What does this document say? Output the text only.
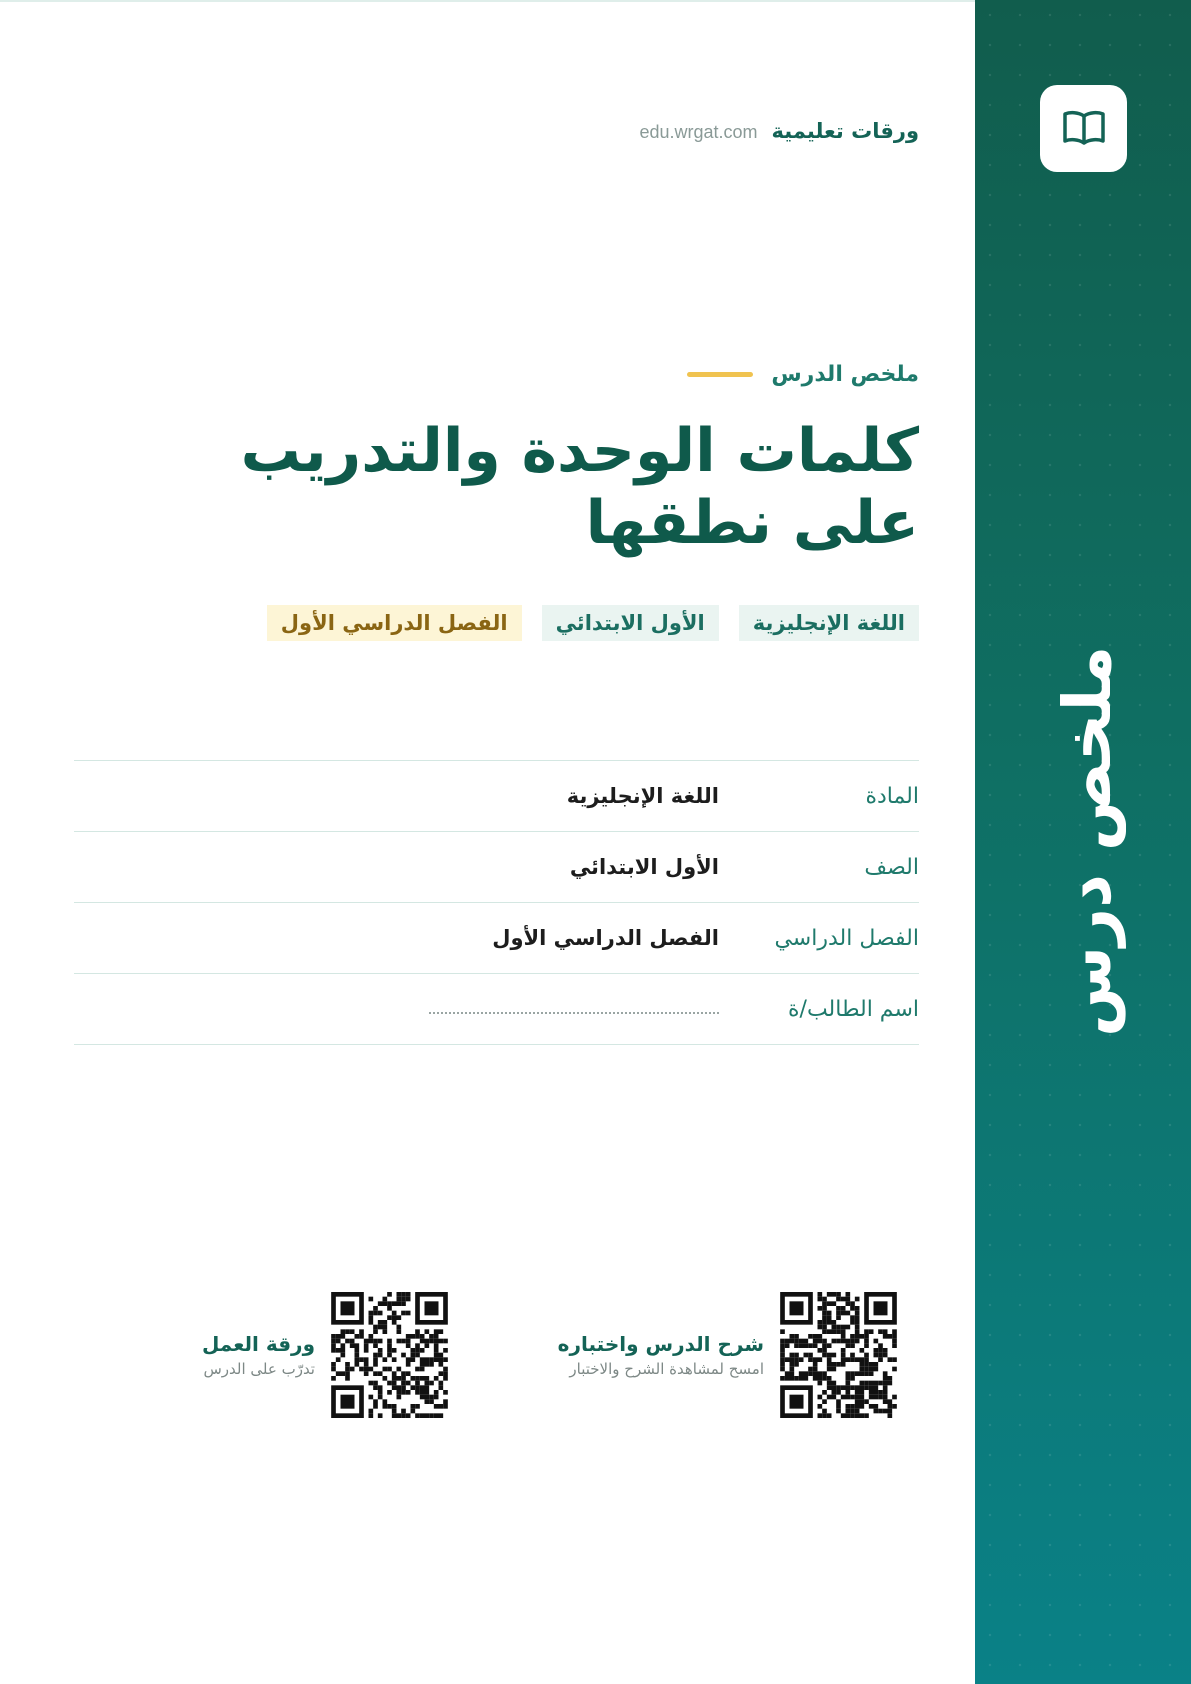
ملخص درس
ورقات تعليمية
edu.wrgat.com
ملخص الدرس
كلمات الوحدة والتدريب على نطقها
اللغة الإنجليزية
الأول الابتدائي
الفصل الدراسي الأول
المادة
اللغة الإنجليزية
الصف
الأول الابتدائي
الفصل الدراسي
الفصل الدراسي الأول
اسم الطالب/ة
شرح الدرس واختباره
امسح لمشاهدة الشرح والاختبار
ورقة العمل
تدرّب على الدرس
